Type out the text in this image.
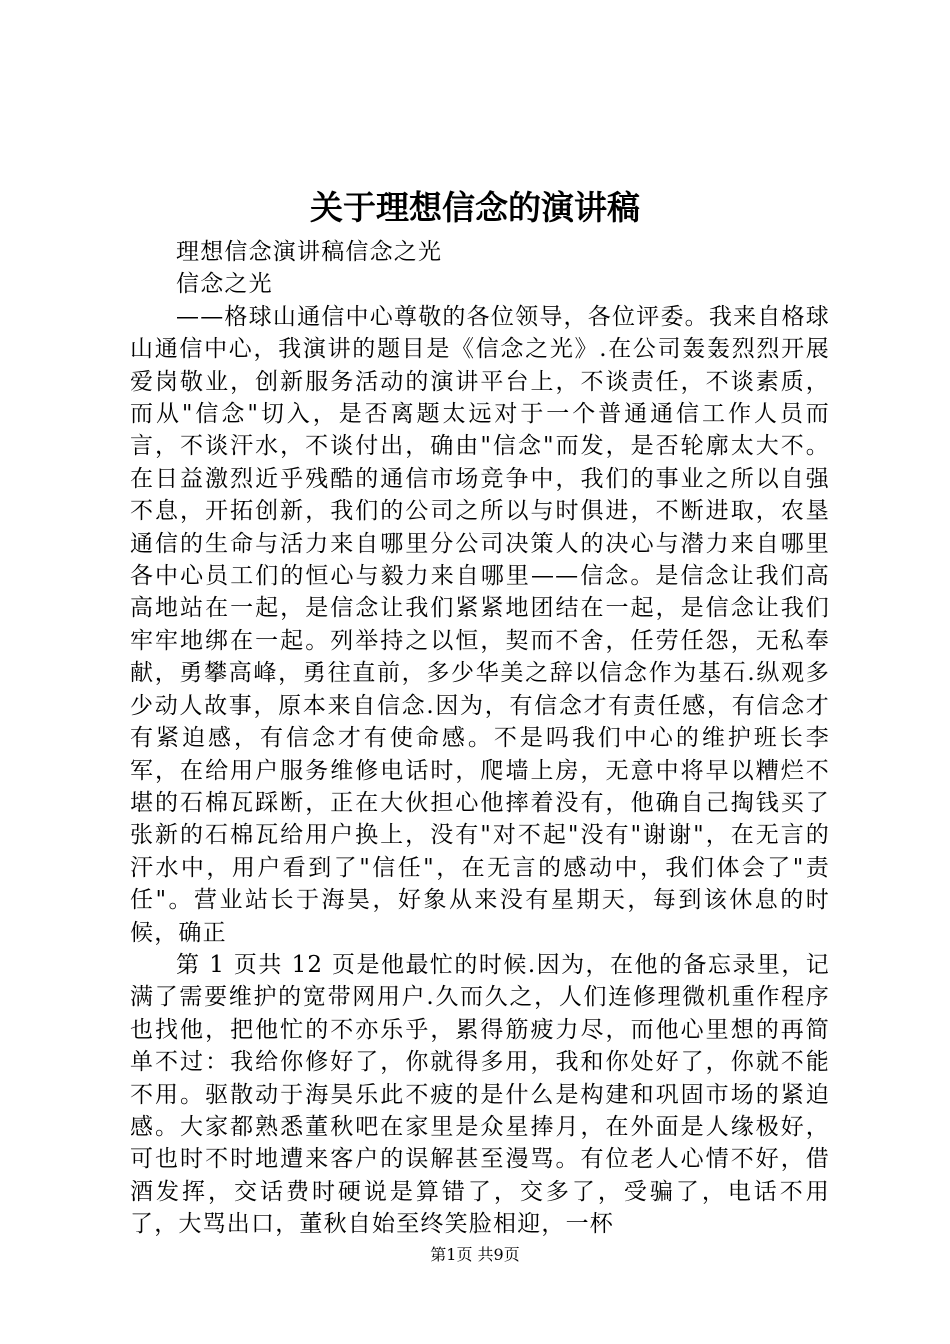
关于理想信念的演讲稿

理想信念演讲稿信念之光

信念之光

——格球山通信中心尊敬的各位领导，各位评委。我来自格球山通信中心，我演讲的题目是《信念之光》.在公司轰轰烈烈开展爱岗敬业，创新服务活动的演讲平台上，不谈责任，不谈素质，而从"信念"切入，是否离题太远对于一个普通通信工作人员而言，不谈汗水，不谈付出，确由"信念"而发，是否轮廓太大不。在日益激烈近乎残酷的通信市场竞争中，我们的事业之所以自强不息，开拓创新，我们的公司之所以与时俱进，不断进取，农垦通信的生命与活力来自哪里分公司决策人的决心与潜力来自哪里各中心员工们的恒心与毅力来自哪里——信念。是信念让我们高高地站在一起，是信念让我们紧紧地团结在一起，是信念让我们牢牢地绑在一起。列举持之以恒，契而不舍，任劳任怨，无私奉献，勇攀高峰，勇往直前，多少华美之辞以信念作为基石.纵观多少动人故事，原本来自信念.因为，有信念才有责任感，有信念才有紧迫感，有信念才有使命感。不是吗我们中心的维护班长李军，在给用户服务维修电话时，爬墙上房，无意中将早以糟烂不堪的石棉瓦踩断，正在大伙担心他摔着没有，他确自己掏钱买了张新的石棉瓦给用户换上，没有"对不起"没有"谢谢"，在无言的汗水中，用户看到了"信任"，在无言的感动中，我们体会了"责任"。营业站长于海昊，好象从来没有星期天，每到该休息的时候，确正

第 1 页共 12 页是他最忙的时候.因为，在他的备忘录里，记满了需要维护的宽带网用户.久而久之，人们连修理微机重作程序也找他，把他忙的不亦乐乎，累得筋疲力尽，而他心里想的再简单不过：我给你修好了，你就得多用，我和你处好了，你就不能不用。驱散动于海昊乐此不疲的是什么是构建和巩固市场的紧迫感。大家都熟悉董秋吧在家里是众星捧月，在外面是人缘极好，可也时不时地遭来客户的误解甚至漫骂。有位老人心情不好，借酒发挥，交话费时硬说是算错了，交多了，受骗了，电话不用了，大骂出口，董秋自始至终笑脸相迎，一杯

第1页 共9页
